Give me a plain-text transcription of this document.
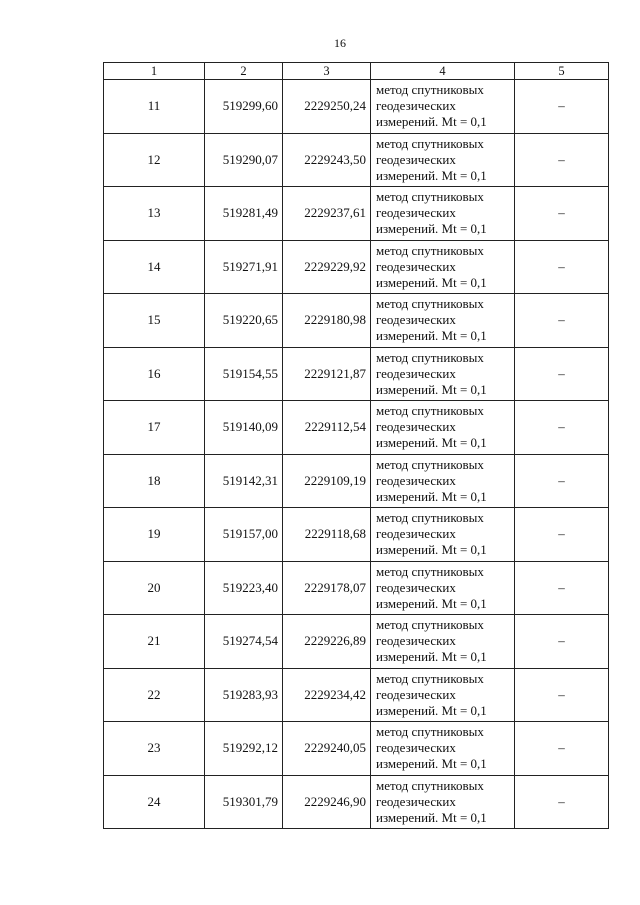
16
1	2	3	4	5
11	519299,60	2229250,24	метод спутниковых
геодезических
измерений. Mt = 0,1	–
12	519290,07	2229243,50	метод спутниковых
геодезических
измерений. Mt = 0,1	–
13	519281,49	2229237,61	метод спутниковых
геодезических
измерений. Mt = 0,1	–
14	519271,91	2229229,92	метод спутниковых
геодезических
измерений. Mt = 0,1	–
15	519220,65	2229180,98	метод спутниковых
геодезических
измерений. Mt = 0,1	–
16	519154,55	2229121,87	метод спутниковых
геодезических
измерений. Mt = 0,1	–
17	519140,09	2229112,54	метод спутниковых
геодезических
измерений. Mt = 0,1	–
18	519142,31	2229109,19	метод спутниковых
геодезических
измерений. Mt = 0,1	–
19	519157,00	2229118,68	метод спутниковых
геодезических
измерений. Mt = 0,1	–
20	519223,40	2229178,07	метод спутниковых
геодезических
измерений. Mt = 0,1	–
21	519274,54	2229226,89	метод спутниковых
геодезических
измерений. Mt = 0,1	–
22	519283,93	2229234,42	метод спутниковых
геодезических
измерений. Mt = 0,1	–
23	519292,12	2229240,05	метод спутниковых
геодезических
измерений. Mt = 0,1	–
24	519301,79	2229246,90	метод спутниковых
геодезических
измерений. Mt = 0,1	–
